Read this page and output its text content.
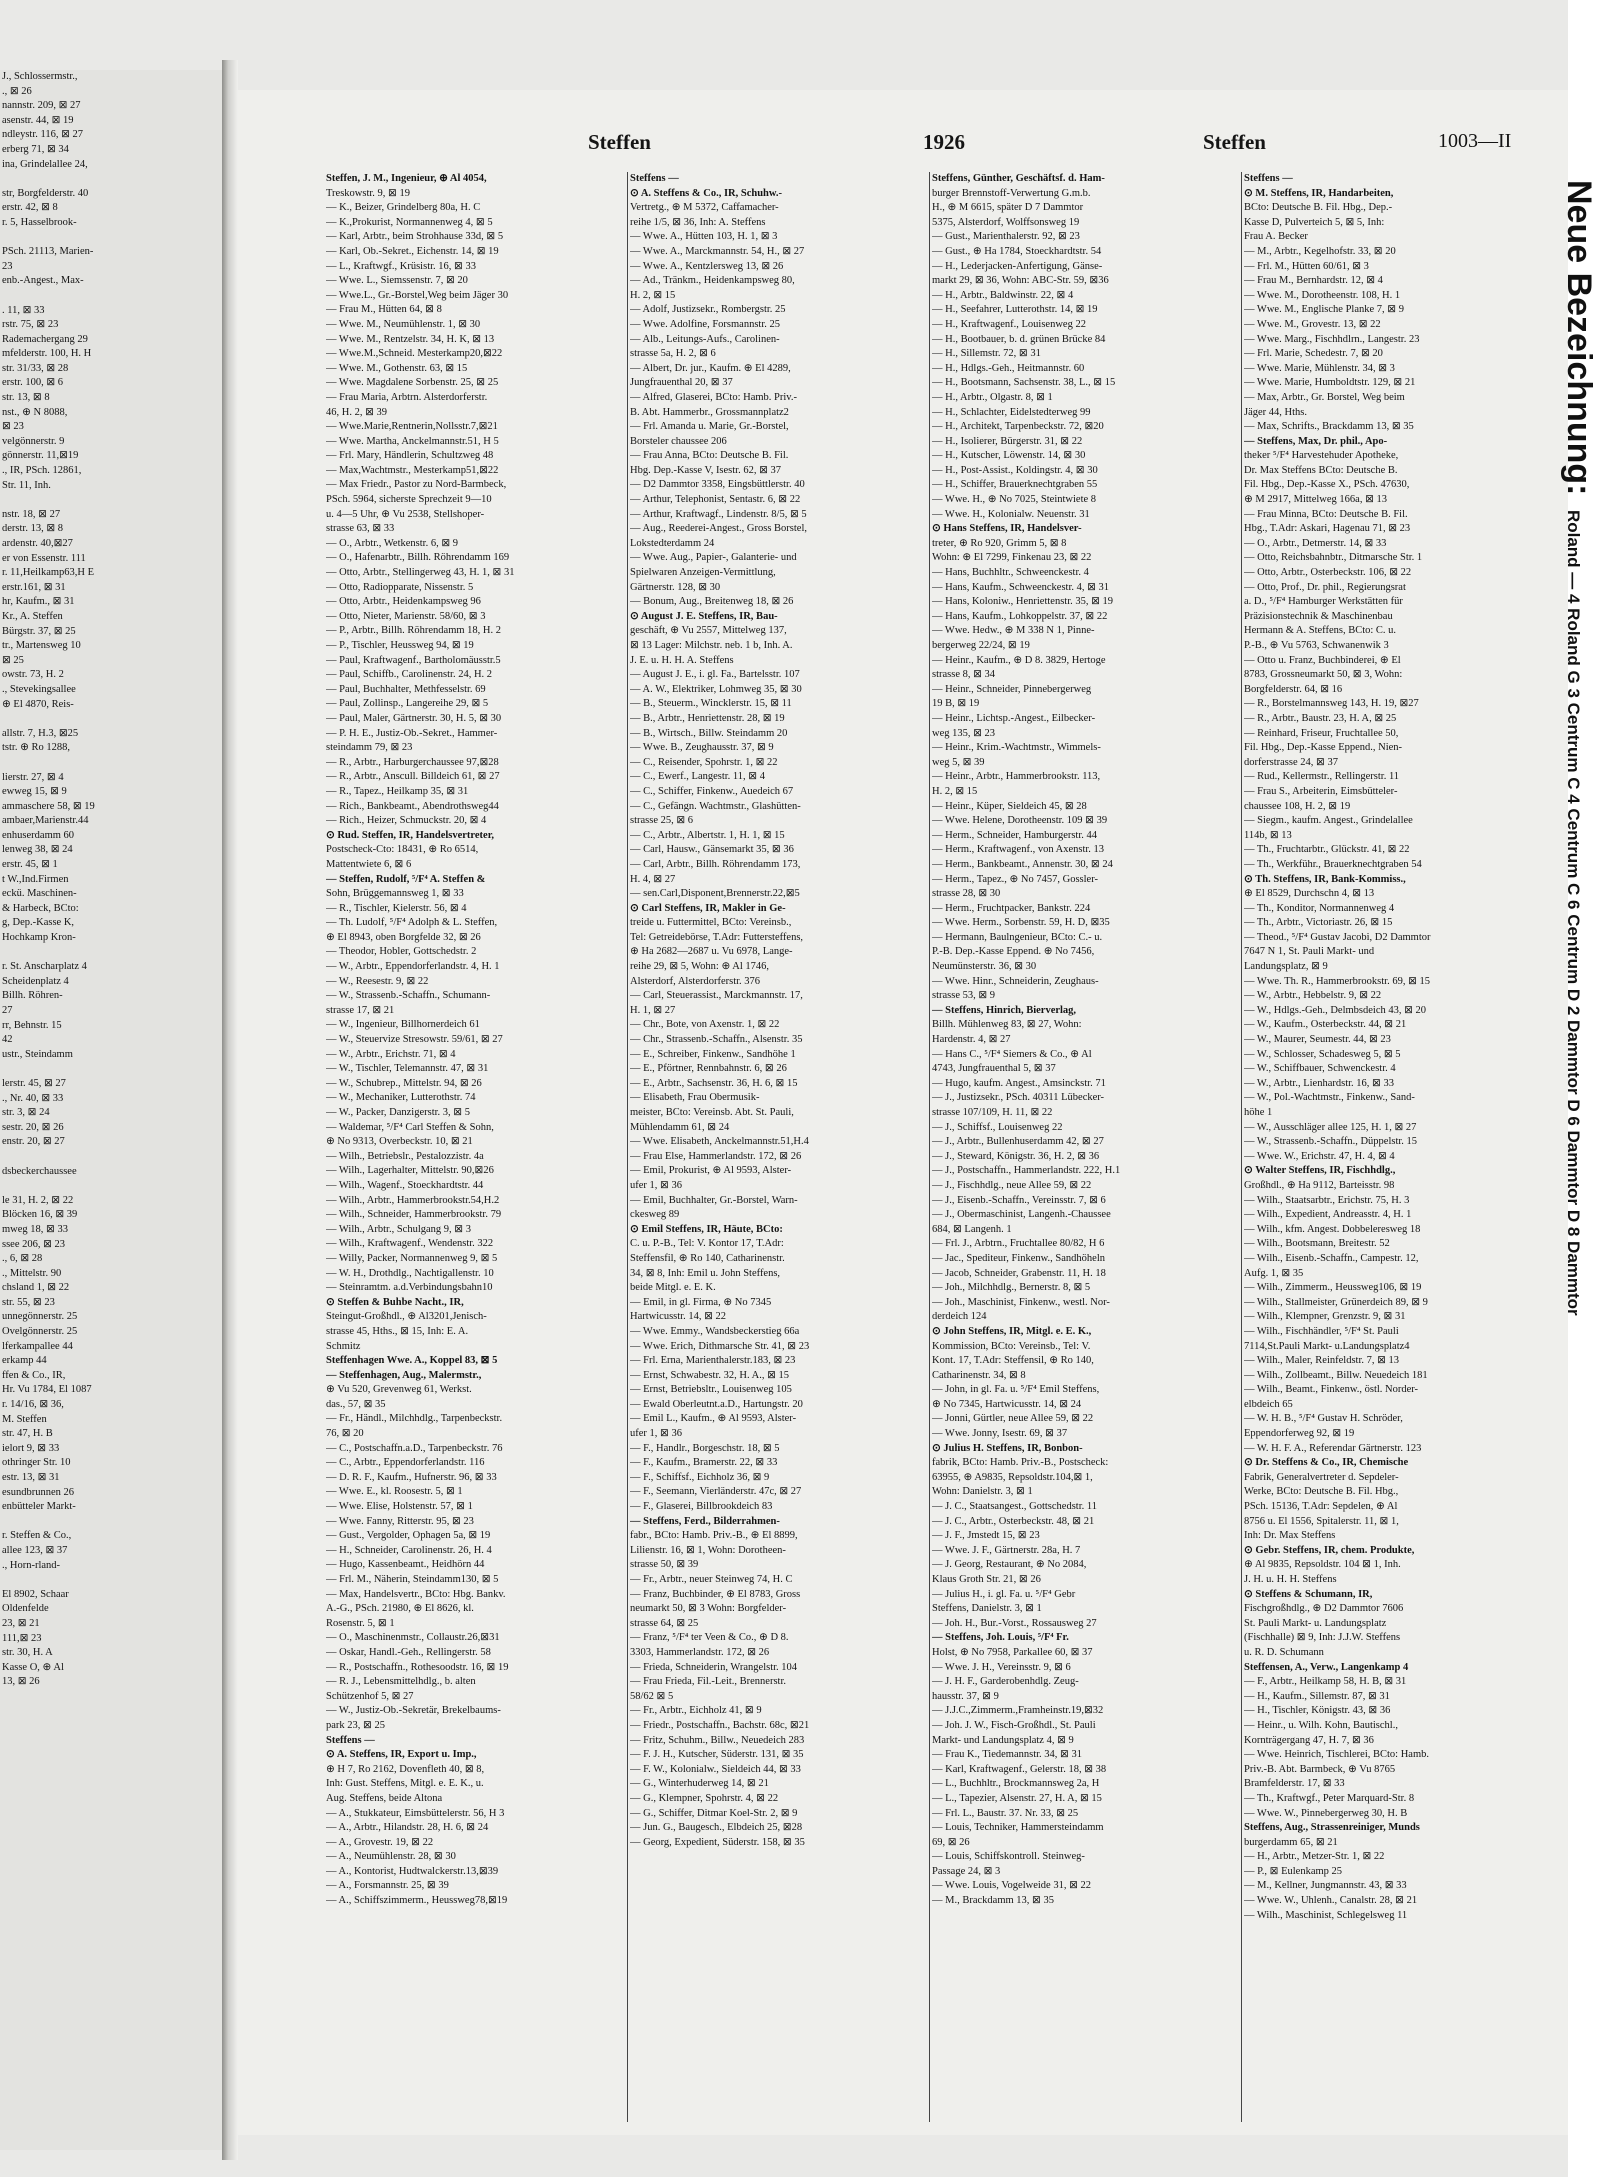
J., Schlossermstr.,
., ⊠ 26
nannstr. 209, ⊠ 27
asenstr. 44, ⊠ 19
ndleystr. 116, ⊠ 27
erberg 71, ⊠ 34
ina, Grindelallee 24,
str, Borgfelderstr. 40
erstr. 42, ⊠ 8
r. 5, Hasselbrook-
PSch. 21113, Marien-
23
enb.-Angest., Max-
. 11, ⊠ 33
rstr. 75, ⊠ 23
Rademachergang 29
mfelderstr. 100, H. H
str. 31/33, ⊠ 28
erstr. 100, ⊠ 6
str. 13, ⊠ 8
nst., ⊕ N 8088,
⊠ 23
velgönnerstr. 9
gönnerstr. 11,⊠19
., IR, PSch. 12861,
Str. 11, Inh.
nstr. 18, ⊠ 27
derstr. 13, ⊠ 8
ardenstr. 40,⊠27
er von Essenstr. 111
r. 11,Heilkamp63,H E
erstr.161, ⊠ 31
hr, Kaufm., ⊠ 31
Kr., A. Steffen
Bürgstr. 37, ⊠ 25
tr., Martensweg 10
⊠ 25
owstr. 73, H. 2
., Stevekingsallee
⊕ El 4870, Reis-
allstr. 7, H.3, ⊠25
tstr. ⊕ Ro 1288,
lierstr. 27, ⊠ 4
ewweg 15, ⊠ 9
ammaschere 58, ⊠ 19
ambaer,Marienstr.44
enhuserdamm 60
lenweg 38, ⊠ 24
erstr. 45, ⊠ 1
t W.,Ind.Firmen
eckü. Maschinen-
& Harbeck, BCto:
g, Dep.-Kasse K,
Hochkamp Kron-
r. St. Anscharplatz 4
Scheidenplatz 4
Billh. Röhren-
27
rr, Behnstr. 15
42
ustr., Steindamm
lerstr. 45, ⊠ 27
., Nr. 40, ⊠ 33
str. 3, ⊠ 24
sestr. 20, ⊠ 26
enstr. 20, ⊠ 27
dsbeckerchaussee
le 31, H. 2, ⊠ 22
Blöcken 16, ⊠ 39
mweg 18, ⊠ 33
ssee 206, ⊠ 23
., 6, ⊠ 28
., Mittelstr. 90
chsland 1, ⊠ 22
str. 55, ⊠ 23
unnegönnerstr. 25
Ovelgönnerstr. 25
lferkampallee 44
erkamp 44
ffen & Co., IR,
Hr. Vu 1784, El 1087
r. 14/16, ⊠ 36,
M. Steffen
str. 47, H. B
ielort 9, ⊠ 33
othringer Str. 10
estr. 13, ⊠ 31
esundbrunnen 26
enbütteler Markt-
r. Steffen & Co.,
allee 123, ⊠ 37
., Horn-rland-
El 8902, Schaar
Oldenfelde
23, ⊠ 21
111,⊠ 23
str. 30, H. A
Kasse O, ⊕ Al
13, ⊠ 26
Steffen	1926	Steffen	1003—II
Steffen, J. M., Ingenieur, ⊕ Al 4054,
Treskowstr. 9, ⊠ 19
— K., Beizer, Grindelberg 80a, H. C
— K.,Prokurist, Normannenweg 4, ⊠ 5
— Karl, Arbtr., beim Strohhause 33d, ⊠ 5
— Karl, Ob.-Sekret., Eichenstr. 14, ⊠ 19
— L., Kraftwgf., Krüsistr. 16, ⊠ 33
— Wwe. L., Siemssenstr. 7, ⊠ 20
— Wwe.L., Gr.-Borstel,Weg beim Jäger 30
— Frau M., Hütten 64, ⊠ 8
— Wwe. M., Neumühlenstr. 1, ⊠ 30
— Wwe. M., Rentzelstr. 34, H. K, ⊠ 13
— Wwe.M.,Schneid. Mesterkamp20,⊠22
— Wwe. M., Gothenstr. 63, ⊠ 15
— Wwe. Magdalene Sorbenstr. 25, ⊠ 25
— Frau Maria, Arbtrn. Alsterdorferstr.
46, H. 2, ⊠ 39
— Wwe.Marie,Rentnerin,Nollsstr.7,⊠21
— Wwe. Martha, Anckelmannstr.51, H 5
— Frl. Mary, Händlerin, Schultzweg 48
— Max,Wachtmstr., Mesterkamp51,⊠22
— Max Friedr., Pastor zu Nord-Barmbeck,
PSch. 5964, sicherste Sprechzeit 9—10
u. 4—5 Uhr, ⊕ Vu 2538, Stellshoper-
strasse 63, ⊠ 33
— O., Arbtr., Wetkenstr. 6, ⊠ 9
— O., Hafenarbtr., Billh. Röhrendamm 169
— Otto, Arbtr., Stellingerweg 43, H. 1, ⊠ 31
— Otto, Radiopparate, Nissenstr. 5
— Otto, Arbtr., Heidenkampsweg 96
— Otto, Nieter, Marienstr. 58/60, ⊠ 3
— P., Arbtr., Billh. Röhrendamm 18, H. 2
— P., Tischler, Heussweg 94, ⊠ 19
— Paul, Kraftwagenf., Bartholomäusstr.5
— Paul, Schiffb., Carolinenstr. 24, H. 2
— Paul, Buchhalter, Methfesselstr. 69
— Paul, Zollinsp., Langereihe 29, ⊠ 5
— Paul, Maler, Gärtnerstr. 30, H. 5, ⊠ 30
— P. H. E., Justiz-Ob.-Sekret., Hammer-
steindamm 79, ⊠ 23
— R., Arbtr., Harburgerchaussee 97,⊠28
— R., Arbtr., Anscull. Billdeich 61, ⊠ 27
— R., Tapez., Heilkamp 35, ⊠ 31
— Rich., Bankbeamt., Abendrothsweg44
— Rich., Heizer, Schmuckstr. 20, ⊠ 4
⊙ Rud. Steffen, IR, Handelsvertreter,
Postscheck-Cto: 18431, ⊕ Ro 6514,
Mattentwiete 6, ⊠ 6
— Steffen, Rudolf, ⁵/F⁴ A. Steffen &
Sohn, Brüggemannsweg 1, ⊠ 33
— R., Tischler, Kielerstr. 56, ⊠ 4
— Th. Ludolf, ⁵/F⁴ Adolph & L. Steffen,
⊕ El 8943, oben Borgfelde 32, ⊠ 26
— Theodor, Hobler, Gottschedstr. 2
— W., Arbtr., Eppendorferlandstr. 4, H. 1
— W., Reesestr. 9, ⊠ 22
— W., Strassenb.-Schaffn., Schumann-
strasse 17, ⊠ 21
— W., Ingenieur, Billhornerdeich 61
— W., Steuervize Stresowstr. 59/61, ⊠ 27
— W., Arbtr., Erichstr. 71, ⊠ 4
— W., Tischler, Telemannstr. 47, ⊠ 31
— W., Schubrep., Mittelstr. 94, ⊠ 26
— W., Mechaniker, Lutterothstr. 74
— W., Packer, Danzigerstr. 3, ⊠ 5
— Waldemar, ⁵/F⁴ Carl Steffen & Sohn,
⊕ No 9313, Overbeckstr. 10, ⊠ 21
— Wilh., Betriebslr., Pestalozzistr. 4a
— Wilh., Lagerhalter, Mittelstr. 90,⊠26
— Wilh., Wagenf., Stoeckhardtstr. 44
— Wilh., Arbtr., Hammerbrookstr.54,H.2
— Wilh., Schneider, Hammerbrookstr. 79
— Wilh., Arbtr., Schulgang 9, ⊠ 3
— Wilh., Kraftwagenf., Wendenstr. 322
— Willy, Packer, Normannenweg 9, ⊠ 5
— W. H., Drothdlg., Nachtigallenstr. 10
— Steinramtm. a.d.Verbindungsbahn10
⊙ Steffen & Buhbe Nacht., IR,
Steingut-Großhdl., ⊕ Al3201,Jenisch-
strasse 45, Hths., ⊠ 15, Inh: E. A.
Schmitz
Steffenhagen Wwe. A., Koppel 83, ⊠ 5
— Steffenhagen, Aug., Malermstr.,
⊕ Vu 520, Grevenweg 61, Werkst.
das., 57, ⊠ 35
— Fr., Händl., Milchhdlg., Tarpenbeckstr.
76, ⊠ 20
— C., Postschaffn.a.D., Tarpenbeckstr. 76
— C., Arbtr., Eppendorferlandstr. 116
— D. R. F., Kaufm., Hufnerstr. 96, ⊠ 33
— Wwe. E., kl. Roosestr. 5, ⊠ 1
— Wwe. Elise, Holstenstr. 57, ⊠ 1
— Wwe. Fanny, Ritterstr. 95, ⊠ 23
— Gust., Vergolder, Ophagen 5a, ⊠ 19
— H., Schneider, Carolinenstr. 26, H. 4
— Hugo, Kassenbeamt., Heidhörn 44
— Frl. M., Näherin, Steindamm130, ⊠ 5
— Max, Handelsvertr., BCto: Hbg. Bankv.
A.-G., PSch. 21980, ⊕ El 8626, kl.
Rosenstr. 5, ⊠ 1
— O., Maschinenmstr., Collaustr.26,⊠31
— Oskar, Handl.-Geh., Rellingerstr. 58
— R., Postschaffn., Rothesoodstr. 16, ⊠ 19
— R. J., Lebensmittelhdlg., b. alten
Schützenhof 5, ⊠ 27
— W., Justiz-Ob.-Sekretär, Brekelbaums-
park 23, ⊠ 25
Steffens —
⊙ A. Steffens, IR, Export u. Imp.,
⊕ H 7, Ro 2162, Dovenfleth 40, ⊠ 8,
Inh: Gust. Steffens, Mitgl. e. E. K., u.
Aug. Steffens, beide Altona
— A., Stukkateur, Eimsbüttelerstr. 56, H 3
— A., Arbtr., Hilandstr. 28, H. 6, ⊠ 24
— A., Grovestr. 19, ⊠ 22
— A., Neumühlenstr. 28, ⊠ 30
— A., Kontorist, Hudtwalckerstr.13,⊠39
— A., Forsmannstr. 25, ⊠ 39
— A., Schiffszimmerm., Heussweg78,⊠19
Steffens —
⊙ A. Steffens & Co., IR, Schuhw.-
Vertretg., ⊕ M 5372, Caffamacher-
reihe 1/5, ⊠ 36, Inh: A. Steffens
— Wwe. A., Hütten 103, H. 1, ⊠ 3
— Wwe. A., Marckmannstr. 54, H., ⊠ 27
— Wwe. A., Kentzlersweg 13, ⊠ 26
— Ad., Tränkm., Heidenkampsweg 80,
H. 2, ⊠ 15
— Adolf, Justizsekr., Rombergstr. 25
— Wwe. Adolfine, Forsmannstr. 25
— Alb., Leitungs-Aufs., Carolinen-
strasse 5a, H. 2, ⊠ 6
— Albert, Dr. jur., Kaufm. ⊕ El 4289,
Jungfrauenthal 20, ⊠ 37
— Alfred, Glaserei, BCto: Hamb. Priv.-
B. Abt. Hammerbr., Grossmannplatz2
— Frl. Amanda u. Marie, Gr.-Borstel,
Borsteler chaussee 206
— Frau Anna, BCto: Deutsche B. Fil.
Hbg. Dep.-Kasse V, Isestr. 62, ⊠ 37
— D2 Dammtor 3358, Eingsbüttlerstr. 40
— Arthur, Telephonist, Sentastr. 6, ⊠ 22
— Arthur, Kraftwagf., Lindenstr. 8/5, ⊠ 5
— Aug., Reederei-Angest., Gross Borstel,
Lokstedterdamm 24
— Wwe. Aug., Papier-, Galanterie- und
Spielwaren Anzeigen-Vermittlung,
Gärtnerstr. 128, ⊠ 30
— Bonum, Aug., Breitenweg 18, ⊠ 26
⊙ August J. E. Steffens, IR, Bau-
geschäft, ⊕ Vu 2557, Mittelweg 137,
⊠ 13 Lager: Milchstr. neb. 1 b, Inh. A.
J. E. u. H. H. A. Steffens
— August J. E., i. gl. Fa., Bartelsstr. 107
— A. W., Elektriker, Lohmweg 35, ⊠ 30
— B., Steuerm., Wincklerstr. 15, ⊠ 11
— B., Arbtr., Henriettenstr. 28, ⊠ 19
— B., Wirtsch., Billw. Steindamm 20
— Wwe. B., Zeughausstr. 37, ⊠ 9
— C., Reisender, Spohrstr. 1, ⊠ 22
— C., Ewerf., Langestr. 11, ⊠ 4
— C., Schiffer, Finkenw., Auedeich 67
— C., Gefängn. Wachtmstr., Glashütten-
strasse 25, ⊠ 6
— C., Arbtr., Albertstr. 1, H. 1, ⊠ 15
— Carl, Hausw., Gänsemarkt 35, ⊠ 36
— Carl, Arbtr., Billh. Röhrendamm 173,
H. 4, ⊠ 27
— sen.Carl,Disponent,Brennerstr.22,⊠5
⊙ Carl Steffens, IR, Makler in Ge-
treide u. Futtermittel, BCto: Vereinsb.,
Tel: Getreidebörse, T.Adr: Futtersteffens,
⊕ Ha 2682—2687 u. Vu 6978, Lange-
reihe 29, ⊠ 5, Wohn: ⊕ Al 1746,
Alsterdorf, Alsterdorferstr. 376
— Carl, Steuerassist., Marckmannstr. 17,
H. 1, ⊠ 27
— Chr., Bote, von Axenstr. 1, ⊠ 22
— Chr., Strassenb.-Schaffn., Alsenstr. 35
— E., Schreiber, Finkenw., Sandhöhe 1
— E., Pförtner, Rennbahnstr. 6, ⊠ 26
— E., Arbtr., Sachsenstr. 36, H. 6, ⊠ 15
— Elisabeth, Frau Obermusik-
meister, BCto: Vereinsb. Abt. St. Pauli,
Mühlendamm 61, ⊠ 24
— Wwe. Elisabeth, Anckelmannstr.51,H.4
— Frau Else, Hammerlandstr. 172, ⊠ 26
— Emil, Prokurist, ⊕ Al 9593, Alster-
ufer 1, ⊠ 36
— Emil, Buchhalter, Gr.-Borstel, Warn-
ckesweg 89
⊙ Emil Steffens, IR, Häute, BCto:
C. u. P.-B., Tel: V. Kontor 17, T.Adr:
Steffensfil, ⊕ Ro 140, Catharinenstr.
34, ⊠ 8, Inh: Emil u. John Steffens,
beide Mitgl. e. E. K.
— Emil, in gl. Firma, ⊕ No 7345
Hartwicusstr. 14, ⊠ 22
— Wwe. Emmy., Wandsbeckerstieg 66a
— Wwe. Erich, Dithmarsche Str. 41, ⊠ 23
— Frl. Erna, Marienthalerstr.183, ⊠ 23
— Ernst, Schwabestr. 32, H. A., ⊠ 15
— Ernst, Betriebsltr., Louisenweg 105
— Ewald Oberleutnt.a.D., Hartungstr. 20
— Emil L., Kaufm., ⊕ Al 9593, Alster-
ufer 1, ⊠ 36
— F., Handlr., Borgeschstr. 18, ⊠ 5
— F., Kaufm., Bramerstr. 22, ⊠ 33
— F., Schiffsf., Eichholz 36, ⊠ 9
— F., Seemann, Vierländerstr. 47c, ⊠ 27
— F., Glaserei, Billbrookdeich 83
— Steffens, Ferd., Bilderrahmen-
fabr., BCto: Hamb. Priv.-B., ⊕ El 8899,
Lilienstr. 16, ⊠ 1, Wohn: Dorotheen-
strasse 50, ⊠ 39
— Fr., Arbtr., neuer Steinweg 74, H. C
— Franz, Buchbinder, ⊕ El 8783, Gross
neumarkt 50, ⊠ 3 Wohn: Borgfelder-
strasse 64, ⊠ 25
— Franz, ⁵/F⁴ ter Veen & Co., ⊕ D 8.
3303, Hammerlandstr. 172, ⊠ 26
— Frieda, Schneiderin, Wrangelstr. 104
— Frau Frieda, Fil.-Leit., Brennerstr.
58/62 ⊠ 5
— Fr., Arbtr., Eichholz 41, ⊠ 9
— Friedr., Postschaffn., Bachstr. 68c, ⊠21
— Fritz, Schuhm., Billw., Neuedeich 283
— F. J. H., Kutscher, Süderstr. 131, ⊠ 35
— F. W., Kolonialw., Sieldeich 44, ⊠ 33
— G., Winterhuderweg 14, ⊠ 21
— G., Klempner, Spohrstr. 4, ⊠ 22
— G., Schiffer, Ditmar Koel-Str. 2, ⊠ 9
— Jun. G., Baugesch., Elbdeich 25, ⊠28
— Georg, Expedient, Süderstr. 158, ⊠ 35
Steffens, Günther, Geschäftsf. d. Ham-
burger Brennstoff-Verwertung G.m.b.
H., ⊕ M 6615, später D 7 Dammtor
5375, Alsterdorf, Wolffsonsweg 19
— Gust., Marienthalerstr. 92, ⊠ 23
— Gust., ⊕ Ha 1784, Stoeckhardtstr. 54
— H., Lederjacken-Anfertigung, Gänse-
markt 29, ⊠ 36, Wohn: ABC-Str. 59, ⊠36
— H., Arbtr., Baldwinstr. 22, ⊠ 4
— H., Seefahrer, Lutterothstr. 14, ⊠ 19
— H., Kraftwagenf., Louisenweg 22
— H., Bootbauer, b. d. grünen Brücke 84
— H., Sillemstr. 72, ⊠ 31
— H., Hdlgs.-Geh., Heitmannstr. 60
— H., Bootsmann, Sachsenstr. 38, L., ⊠ 15
— H., Arbtr., Olgastr. 8, ⊠ 1
— H., Schlachter, Eidelstedterweg 99
— H., Architekt, Tarpenbeckstr. 72, ⊠20
— H., Isolierer, Bürgerstr. 31, ⊠ 22
— H., Kutscher, Löwenstr. 14, ⊠ 30
— H., Post-Assist., Koldingstr. 4, ⊠ 30
— H., Schiffer, Brauerknechtgraben 55
— Wwe. H., ⊕ No 7025, Steintwiete 8
— Wwe. H., Kolonialw. Neuenstr. 31
⊙ Hans Steffens, IR, Handelsver-
treter, ⊕ Ro 920, Grimm 5, ⊠ 8
Wohn: ⊕ El 7299, Finkenau 23, ⊠ 22
— Hans, Buchhltr., Schweenckestr. 4
— Hans, Kaufm., Schweenckestr. 4, ⊠ 31
— Hans, Koloniw., Henriettenstr. 35, ⊠ 19
— Hans, Kaufm., Lohkoppelstr. 37, ⊠ 22
— Wwe. Hedw., ⊕ M 338 N 1, Pinne-
bergerweg 22/24, ⊠ 19
— Heinr., Kaufm., ⊕ D 8. 3829, Hertoge
strasse 8, ⊠ 34
— Heinr., Schneider, Pinnebergerweg
19 B, ⊠ 19
— Heinr., Lichtsp.-Angest., Eilbecker-
weg 135, ⊠ 23
— Heinr., Krim.-Wachtmstr., Wimmels-
weg 5, ⊠ 39
— Heinr., Arbtr., Hammerbrookstr. 113,
H. 2, ⊠ 15
— Heinr., Küper, Sieldeich 45, ⊠ 28
— Wwe. Helene, Dorotheenstr. 109 ⊠ 39
— Herm., Schneider, Hamburgerstr. 44
— Herm., Kraftwagenf., von Axenstr. 13
— Herm., Bankbeamt., Annenstr. 30, ⊠ 24
— Herm., Tapez., ⊕ No 7457, Gossler-
strasse 28, ⊠ 30
— Herm., Fruchtpacker, Bankstr. 224
— Wwe. Herm., Sorbenstr. 59, H. D, ⊠35
— Hermann, Baulngenieur, BCto: C.- u.
P.-B. Dep.-Kasse Eppend. ⊕ No 7456,
Neumünsterstr. 36, ⊠ 30
— Wwe. Hinr., Schneiderin, Zeughaus-
strasse 53, ⊠ 9
— Steffens, Hinrich, Bierverlag,
Billh. Mühlenweg 83, ⊠ 27, Wohn:
Hardenstr. 4, ⊠ 27
— Hans C., ⁵/F⁴ Siemers & Co., ⊕ Al
4743, Jungfrauenthal 5, ⊠ 37
— Hugo, kaufm. Angest., Amsinckstr. 71
— J., Justizsekr., PSch. 40311 Lübecker-
strasse 107/109, H. 11, ⊠ 22
— J., Schiffsf., Louisenweg 22
— J., Arbtr., Bullenhuserdamm 42, ⊠ 27
— J., Steward, Königstr. 36, H. 2, ⊠ 36
— J., Postschaffn., Hammerlandstr. 222, H.1
— J., Fischhdlg., neue Allee 59, ⊠ 22
— J., Eisenb.-Schaffn., Vereinsstr. 7, ⊠ 6
— J., Obermaschinist, Langenh.-Chaussee
684, ⊠ Langenh. 1
— Frl. J., Arbtrn., Fruchtallee 80/82, H 6
— Jac., Spediteur, Finkenw., Sandhöheln
— Jacob, Schneider, Grabenstr. 11, H. 18
— Joh., Milchhdlg., Bernerstr. 8, ⊠ 5
— Joh., Maschinist, Finkenw., westl. Nor-
derdeich 124
⊙ John Steffens, IR, Mitgl. e. E. K.,
Kommission, BCto: Vereinsb., Tel: V.
Kont. 17, T.Adr: Steffensil, ⊕ Ro 140,
Catharinenstr. 34, ⊠ 8
— John, in gl. Fa. u. ⁵/F⁴ Emil Steffens,
⊕ No 7345, Hartwicusstr. 14, ⊠ 24
— Jonni, Gürtler, neue Allee 59, ⊠ 22
— Wwe. Jonny, Isestr. 69, ⊠ 37
⊙ Julius H. Steffens, IR, Bonbon-
fabrik, BCto: Hamb. Priv.-B., Postscheck:
63955, ⊕ A9835, Repsoldstr.104,⊠ 1,
Wohn: Danielstr. 3, ⊠ 1
— J. C., Staatsangest., Gottschedstr. 11
— J. C., Arbtr., Osterbeckstr. 48, ⊠ 21
— J. F., Jmstedt 15, ⊠ 23
— Wwe. J. F., Gärtnerstr. 28a, H. 7
— J. Georg, Restaurant, ⊕ No 2084,
Klaus Groth Str. 21, ⊠ 26
— Julius H., i. gl. Fa. u. ⁵/F⁴ Gebr
Steffens, Danielstr. 3, ⊠ 1
— Joh. H., Bur.-Vorst., Rossausweg 27
— Steffens, Joh. Louis, ⁵/F⁴ Fr.
Holst, ⊕ No 7958, Parkallee 60, ⊠ 37
— Wwe. J. H., Vereinsstr. 9, ⊠ 6
— J. H. F., Garderobenhdlg. Zeug-
hausstr. 37, ⊠ 9
— J.J.C.,Zimmerm.,Framheinstr.19,⊠32
— Joh. J. W., Fisch-Großhdl., St. Pauli
Markt- und Landungsplatz 4, ⊠ 9
— Frau K., Tiedemannstr. 34, ⊠ 31
— Karl, Kraftwagenf., Gelerstr. 18, ⊠ 38
— L., Buchhltr., Brockmannsweg 2a, H
— L., Tapezier, Alsenstr. 27, H. A, ⊠ 15
— Frl. L., Baustr. 37. Nr. 33, ⊠ 25
— Louis, Techniker, Hammersteindamm
69, ⊠ 26
— Louis, Schiffskontroll. Steinweg-
Passage 24, ⊠ 3
— Wwe. Louis, Vogelweide 31, ⊠ 22
— M., Brackdamm 13, ⊠ 35
Steffens —
⊙ M. Steffens, IR, Handarbeiten,
BCto: Deutsche B. Fil. Hbg., Dep.-
Kasse D, Pulverteich 5, ⊠ 5, Inh:
Frau A. Becker
— M., Arbtr., Kegelhofstr. 33, ⊠ 20
— Frl. M., Hütten 60/61, ⊠ 3
— Frau M., Bernhardstr. 12, ⊠ 4
— Wwe. M., Dorotheenstr. 108, H. 1
— Wwe. M., Englische Planke 7, ⊠ 9
— Wwe. M., Grovestr. 13, ⊠ 22
— Wwe. Marg., Fischhdlrn., Langestr. 23
— Frl. Marie, Schedestr. 7, ⊠ 20
— Wwe. Marie, Mühlenstr. 34, ⊠ 3
— Wwe. Marie, Humboldtstr. 129, ⊠ 21
— Max, Arbtr., Gr. Borstel, Weg beim
Jäger 44, Hths.
— Max, Schrifts., Brackdamm 13, ⊠ 35
— Steffens, Max, Dr. phil., Apo-
theker ⁵/F⁴ Harvestehuder Apotheke,
Dr. Max Steffens BCto: Deutsche B.
Fil. Hbg., Dep.-Kasse X., PSch. 47630,
⊕ M 2917, Mittelweg 166a, ⊠ 13
— Frau Minna, BCto: Deutsche B. Fil.
Hbg., T.Adr: Askari, Hagenau 71, ⊠ 23
— O., Arbtr., Detmerstr. 14, ⊠ 33
— Otto, Reichsbahnbtr., Ditmarsche Str. 1
— Otto, Arbtr., Osterbeckstr. 106, ⊠ 22
— Otto, Prof., Dr. phil., Regierungsrat
a. D., ⁵/F⁴ Hamburger Werkstätten für
Präzisionstechnik & Maschinenbau
Hermann & A. Steffens, BCto: C. u.
P.-B., ⊕ Vu 5763, Schwanenwik 3
— Otto u. Franz, Buchbinderei, ⊕ El
8783, Grossneumarkt 50, ⊠ 3, Wohn:
Borgfelderstr. 64, ⊠ 16
— R., Borstelmannsweg 143, H. 19, ⊠27
— R., Arbtr., Baustr. 23, H. A, ⊠ 25
— Reinhard, Friseur, Fruchtallee 50,
Fil. Hbg., Dep.-Kasse Eppend., Nien-
dorferstrasse 24, ⊠ 37
— Rud., Kellermstr., Rellingerstr. 11
— Frau S., Arbeiterin, Eimsbütteler-
chaussee 108, H. 2, ⊠ 19
— Siegm., kaufm. Angest., Grindelallee
114b, ⊠ 13
— Th., Fruchtarbtr., Glückstr. 41, ⊠ 22
— Th., Werkführ., Brauerknechtgraben 54
⊙ Th. Steffens, IR, Bank-Kommiss.,
⊕ El 8529, Durchschn 4, ⊠ 13
— Th., Konditor, Normannenweg 4
— Th., Arbtr., Victoriastr. 26, ⊠ 15
— Theod., ⁵/F⁴ Gustav Jacobi, D2 Dammtor
7647 N 1, St. Pauli Markt- und
Landungsplatz, ⊠ 9
— Wwe. Th. R., Hammerbrookstr. 69, ⊠ 15
— W., Arbtr., Hebbelstr. 9, ⊠ 22
— W., Hdlgs.-Geh., Delmbsdeich 43, ⊠ 20
— W., Kaufm., Osterbeckstr. 44, ⊠ 21
— W., Maurer, Seumestr. 44, ⊠ 23
— W., Schlosser, Schadesweg 5, ⊠ 5
— W., Schiffbauer, Schwenckestr. 4
— W., Arbtr., Lienhardstr. 16, ⊠ 33
— W., Pol.-Wachtmstr., Finkenw., Sand-
höhe 1
— W., Ausschläger allee 125, H. 1, ⊠ 27
— W., Strassenb.-Schaffn., Düppelstr. 15
— Wwe. W., Erichstr. 47, H. 4, ⊠ 4
⊙ Walter Steffens, IR, Fischhdlg.,
Großhdl., ⊕ Ha 9112, Barteisstr. 98
— Wilh., Staatsarbtr., Erichstr. 75, H. 3
— Wilh., Expedient, Andreasstr. 4, H. 1
— Wilh., kfm. Angest. Dobbeleresweg 18
— Wilh., Bootsmann, Breitestr. 52
— Wilh., Eisenb.-Schaffn., Campestr. 12,
Aufg. 1, ⊠ 35
— Wilh., Zimmerm., Heussweg106, ⊠ 19
— Wilh., Stallmeister, Grünerdeich 89, ⊠ 9
— Wilh., Klempner, Grenzstr. 9, ⊠ 31
— Wilh., Fischhändler, ⁵/F⁴ St. Pauli
7114,St.Pauli Markt- u.Landungsplatz4
— Wilh., Maler, Reinfeldstr. 7, ⊠ 13
— Wilh., Zollbeamt., Billw. Neuedeich 181
— Wilh., Beamt., Finkenw., östl. Norder-
elbdeich 65
— W. H. B., ⁵/F⁴ Gustav H. Schröder,
Eppendorferweg 92, ⊠ 19
— W. H. F. A., Referendar Gärtnerstr. 123
⊙ Dr. Steffens & Co., IR, Chemische
Fabrik, Generalvertreter d. Sepdeler-
Werke, BCto: Deutsche B. Fil. Hbg.,
PSch. 15136, T.Adr: Sepdelen, ⊕ Al
8756 u. El 1556, Spitalerstr. 11, ⊠ 1,
Inh: Dr. Max Steffens
⊙ Gebr. Steffens, IR, chem. Produkte,
⊕ Al 9835, Repsoldstr. 104 ⊠ 1, Inh.
J. H. u. H. H. Steffens
⊙ Steffens & Schumann, IR,
Fischgroßhdlg., ⊕ D2 Dammtor 7606
St. Pauli Markt- u. Landungsplatz
(Fischhalle) ⊠ 9, Inh: J.J.W. Steffens
u. R. D. Schumann
Steffensen, A., Verw., Langenkamp 4
— F., Arbtr., Heilkamp 58, H. B, ⊠ 31
— H., Kaufm., Sillemstr. 87, ⊠ 31
— H., Tischler, Königstr. 43, ⊠ 36
— Heinr., u. Wilh. Kohn, Bautischl.,
Kornträgergang 47, H. 7, ⊠ 36
— Wwe. Heinrich, Tischlerei, BCto: Hamb.
Priv.-B. Abt. Barmbeck, ⊕ Vu 8765
Bramfelderstr. 17, ⊠ 33
— Th., Kraftwgf., Peter Marquard-Str. 8
— Wwe. W., Pinnebergerweg 30, H. B
Steffens, Aug., Strassenreiniger, Munds
burgerdamm 65, ⊠ 21
— H., Arbtr., Metzer-Str. 1, ⊠ 22
— P., ⊠ Eulenkamp 25
— M., Kellner, Jungmannstr. 43, ⊠ 33
— Wwe. W., Uhlenh., Canalstr. 28, ⊠ 21
— Wilh., Maschinist, Schlegelsweg 11
Neue Bezeichnung: Roland — 4 Roland G 3 Centrum C 4 Centrum C 6 Centrum D 2 Dammtor D 6 Dammtor D 8 Dammtor
